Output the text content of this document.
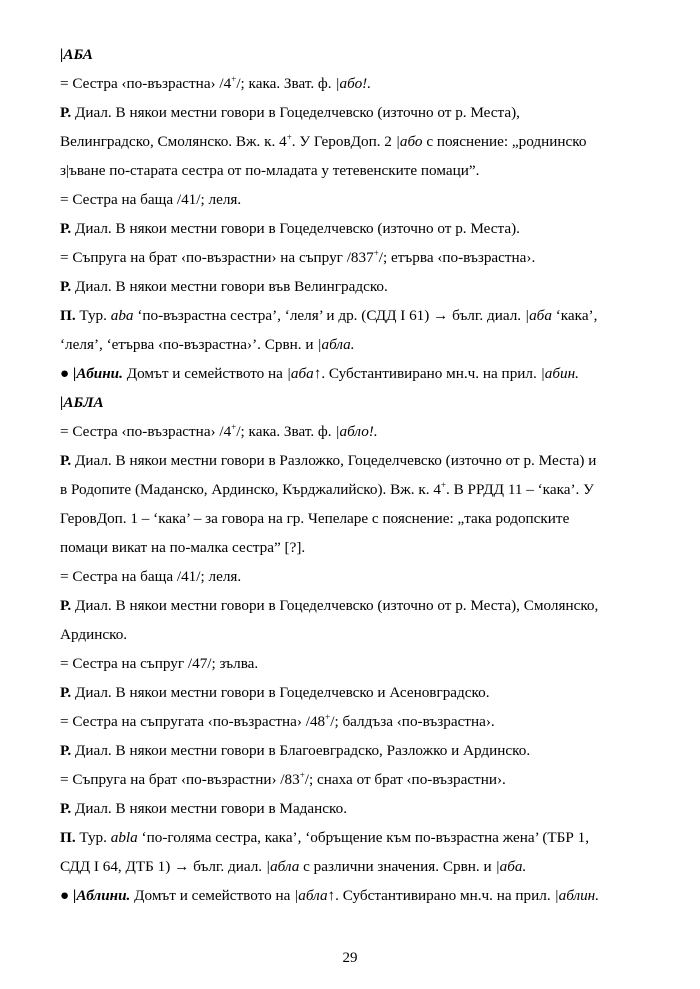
|АБА
= Сестра ‹по-възрастна› /4+/; кака. Зват. ф. |або!.
Р. Диал. В някои местни говори в Гоцеделчевско (източно от р. Места),
Велинградско, Смолянско. Вж. к. 4+. У ГеровДоп. 2 |або с пояснение: „роднинско
з|ъване по-старата сестра от по-младата у тетевенските помаци”.
= Сестра на баща /41/; леля.
Р. Диал. В някои местни говори в Гоцеделчевско (източно от р. Места).
= Съпруга на брат ‹по-възрастни› на съпруг /837+/; етърва ‹по-възрастна›.
Р. Диал. В някои местни говори във Велинградско.
П. Тур. aba ‘по-възрастна сестра’, ‘леля’ и др. (СДД I 61) → бълг. диал. |аба ‘кака’,
‘леля’, ‘етърва ‹по-възрастна›’. Срвн. и |абла.
● |Абини. Домът и семейството на |аба↑. Субстантивирано мн.ч. на прил. |абин.
|АБЛА
= Сестра ‹по-възрастна› /4+/; кака. Зват. ф. |абло!.
Р. Диал. В някои местни говори в Разложко, Гоцеделчевско (източно от р. Места) и
в Родопите (Маданско, Ардинско, Кърджалийско). Вж. к. 4+. В РРДД 11 – ‘кака’. У
ГеровДоп. 1 – ‘кака’ – за говора на гр. Чепеларе с пояснение: „така родопските
помаци викат на по-малка сестра” [?].
= Сестра на баща /41/; леля.
Р. Диал. В някои местни говори в Гоцеделчевско (източно от р. Места), Смолянско,
Ардинско.
= Сестра на съпруг /47/; зълва.
Р. Диал. В някои местни говори в Гоцеделчевско и Асеновградско.
= Сестра на съпругата ‹по-възрастна› /48+/; балдъза ‹по-възрастна›.
Р. Диал. В някои местни говори в Благоевградско, Разложко и Ардинско.
= Съпруга на брат ‹по-възрастни› /83+/; снаха от брат ‹по-възрастни›.
Р. Диал. В някои местни говори в Маданско.
П. Тур. abla ‘по-голяма сестра, кака’, ‘обръщение към по-възрастна жена’ (ТБР 1,
СДД I 64, ДТБ 1) → бълг. диал. |абла с различни значения. Срвн. и |аба.
● |Аблини. Домът и семейството на |абла↑. Субстантивирано мн.ч. на прил. |аблин.
29
